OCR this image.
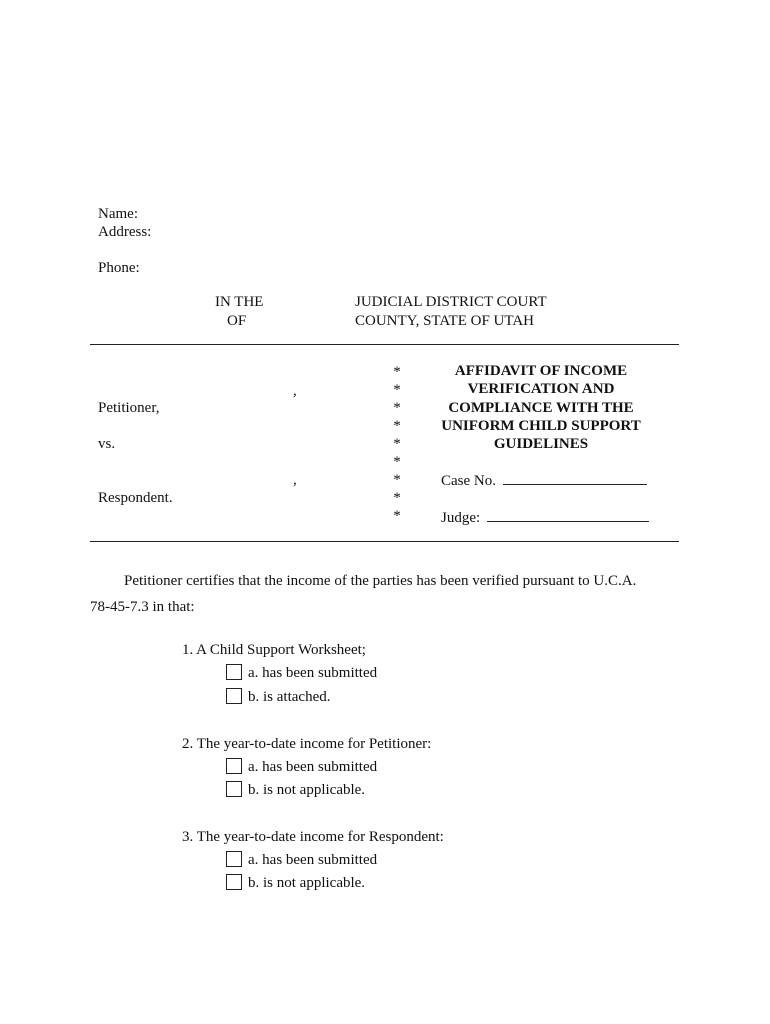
Name:
Address:
Phone:
IN THE
OF
JUDICIAL DISTRICT COURT
COUNTY, STATE OF UTAH
,
Petitioner,
vs.
,
Respondent.
*
*
*
*
*
*
*
*
*
AFFIDAVIT OF INCOME
VERIFICATION AND
COMPLIANCE WITH THE
UNIFORM CHILD SUPPORT
GUIDELINES
Case No.
Judge:
Petitioner certifies that the income of the parties has been verified pursuant to U.C.A.
78-45-7.3 in that:
1. A Child Support Worksheet;
a. has been submitted
b. is attached.
2. The year-to-date income for Petitioner:
a. has been submitted
b. is not applicable.
3. The year-to-date income for Respondent:
a. has been submitted
b. is not applicable.
